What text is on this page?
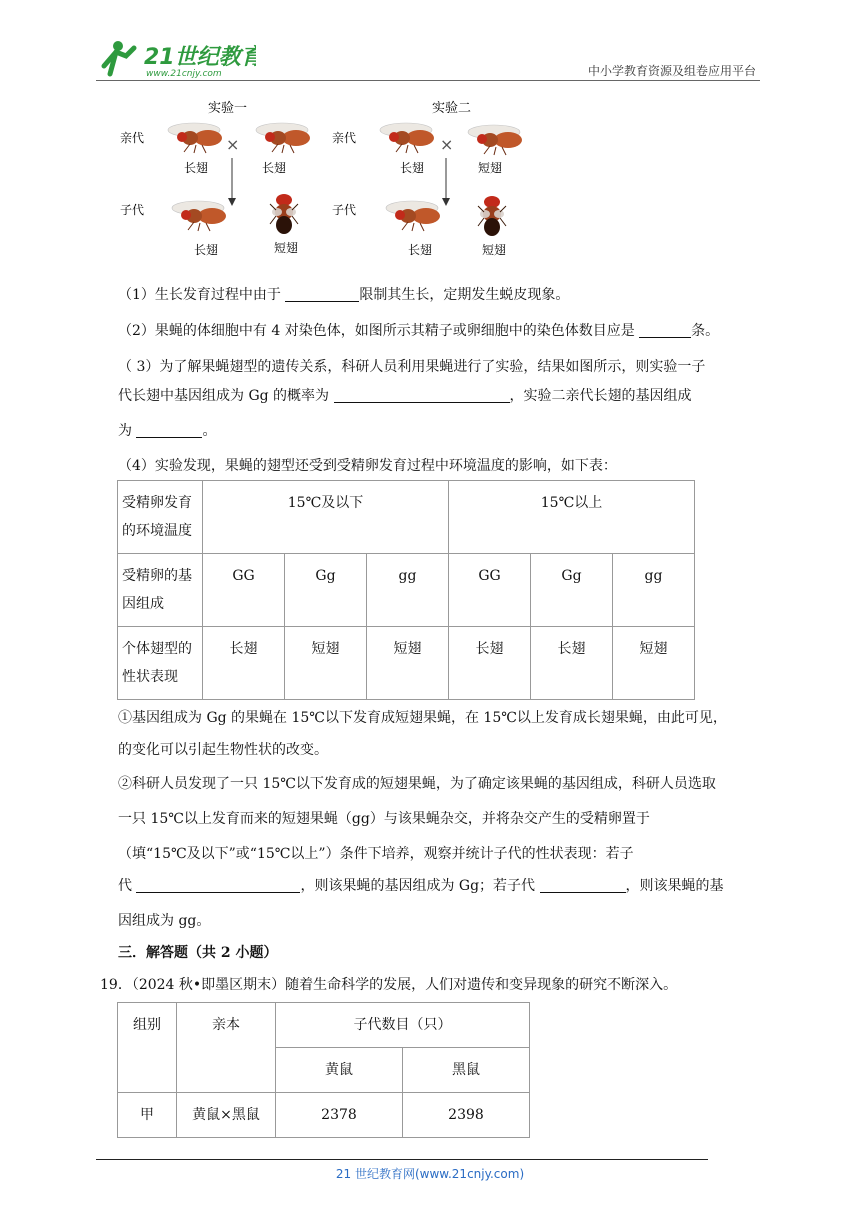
21世纪教育
www.21cnjy.com	中小学教育资源及组卷应用平台
实验一
亲代
子代
×
长翅	长翅
长翅	短翅
实验二
亲代
子代
×
长翅	短翅
长翅	短翅
（1）生长发育过程中由于	限制其生长，定期发生蜕皮现象。
（2）果蝇的体细胞中有 4 对染色体，如图所示其精子或卵细胞中的染色体数目应是	条。
（ 3）为了解果蝇翅型的遗传关系，科研人员利用果蝇进行了实验，结果如图所示，则实验一子
代长翅中基因组成为 Gg 的概率为	，实验二亲代长翅的基因组成
为	。
（4）实验发现，果蝇的翅型还受到受精卵发育过程中环境温度的影响，如下表：
受精卵发育的环境温度	15℃及以下			15℃以上		
受精卵的基因组成	GG	Gg	gg	GG	Gg	gg
个体翅型的性状表现	长翅	短翅	短翅	长翅	长翅	短翅
①基因组成为 Gg 的果蝇在 15℃以下发育成短翅果蝇，在 15℃以上发育成长翅果蝇，由此可见，
的变化可以引起生物性状的改变。
②科研人员发现了一只 15℃以下发育成的短翅果蝇，为了确定该果蝇的基因组成，科研人员选取
一只 15℃以上发育而来的短翅果蝇（gg）与该果蝇杂交，并将杂交产生的受精卵置于
（填“15℃及以下”或“15℃以上”）条件下培养，观察并统计子代的性状表现：若子
代	，则该果蝇的基因组成为 Gg；若子代	，则该果蝇的基
因组成为 gg。
三．解答题（共 2 小题）
19．（2024 秋•即墨区期末）随着生命科学的发展，人们对遗传和变异现象的研究不断深入。
组别	亲本	子代数目（只）	
		黄鼠	黑鼠
甲	黄鼠×黑鼠	2378	2398
21 世纪教育网(www.21cnjy.com)
